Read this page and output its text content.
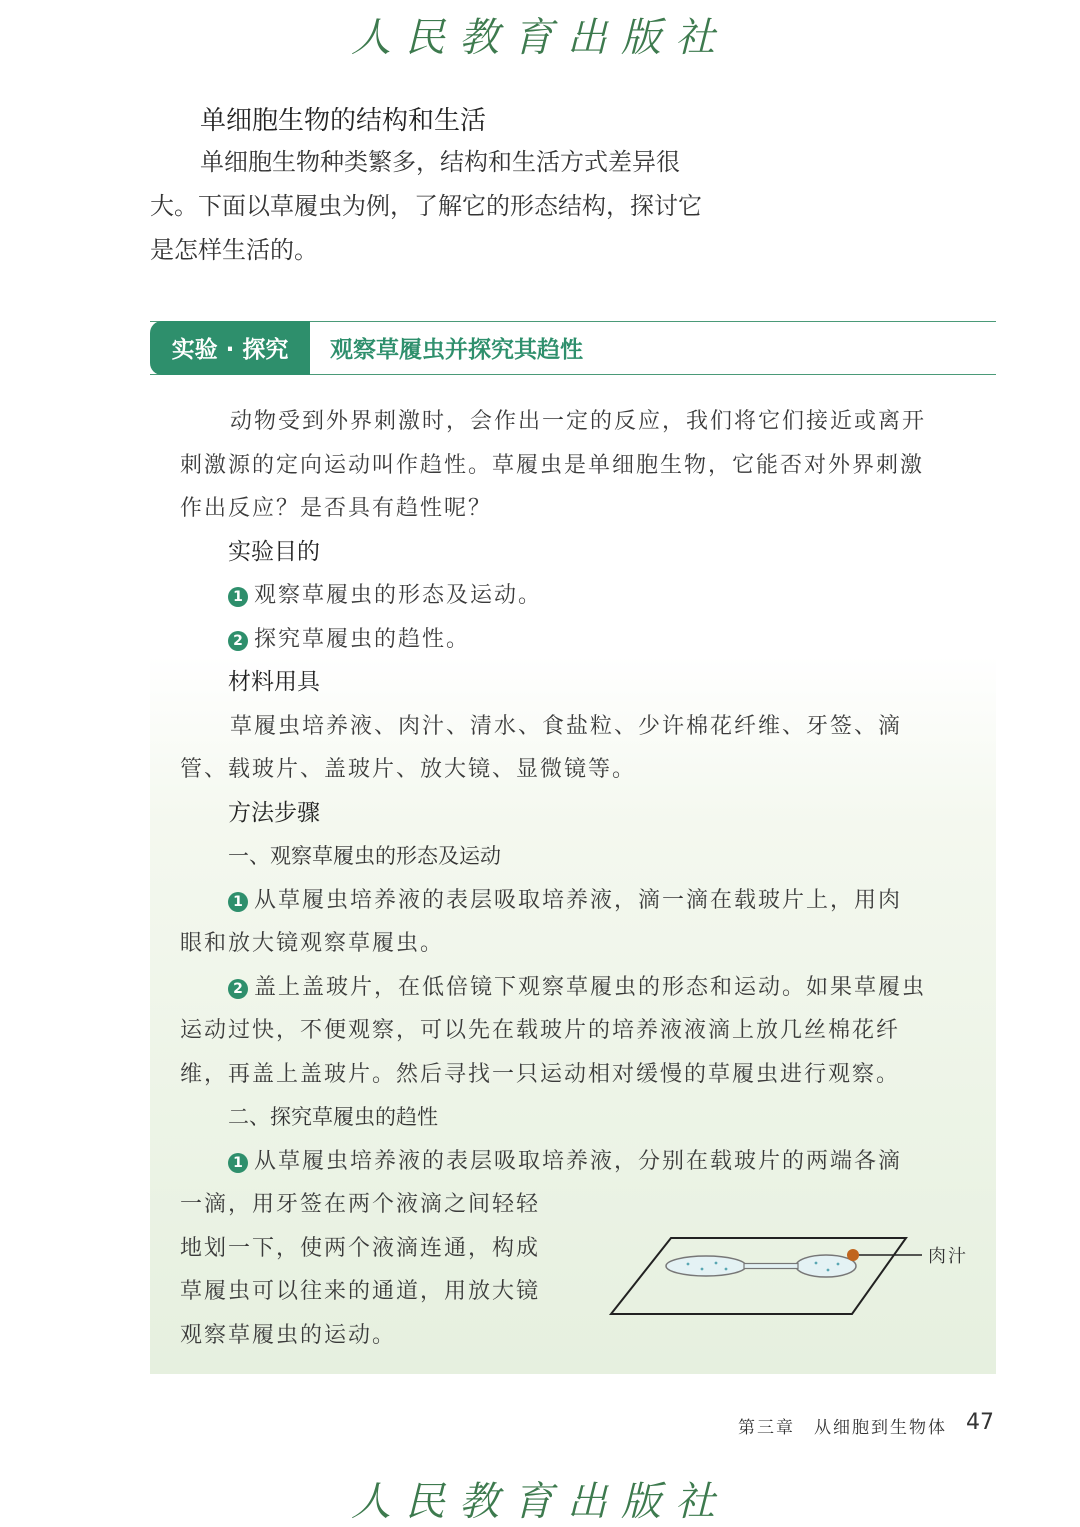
人民教育出版社
单细胞生物的结构和生活

单细胞生物种类繁多，结构和生活方式差异很

大。下面以草履虫为例，了解它的形态结构，探讨它

是怎样生活的。

实验 · 探究	观察草履虫并探究其趋性

动物受到外界刺激时，会作出一定的反应，我们将它们接近或离开

刺激源的定向运动叫作趋性。草履虫是单细胞生物，它能否对外界刺激

作出反应？是否具有趋性呢？

实验目的

1 观察草履虫的形态及运动。

2 探究草履虫的趋性。

材料用具

草履虫培养液、肉汁、清水、食盐粒、少许棉花纤维、牙签、滴

管、载玻片、盖玻片、放大镜、显微镜等。

方法步骤

一、观察草履虫的形态及运动

1 从草履虫培养液的表层吸取培养液，滴一滴在载玻片上，用肉

眼和放大镜观察草履虫。

2 盖上盖玻片，在低倍镜下观察草履虫的形态和运动。如果草履虫

运动过快，不便观察，可以先在载玻片的培养液液滴上放几丝棉花纤

维，再盖上盖玻片。然后寻找一只运动相对缓慢的草履虫进行观察。

二、探究草履虫的趋性

1 从草履虫培养液的表层吸取培养液，分别在载玻片的两端各滴

一滴，用牙签在两个液滴之间轻轻

地划一下，使两个液滴连通，构成

草履虫可以往来的通道，用放大镜

观察草履虫的运动。

肉汁
第三章　从细胞到生物体 47
人民教育出版社
